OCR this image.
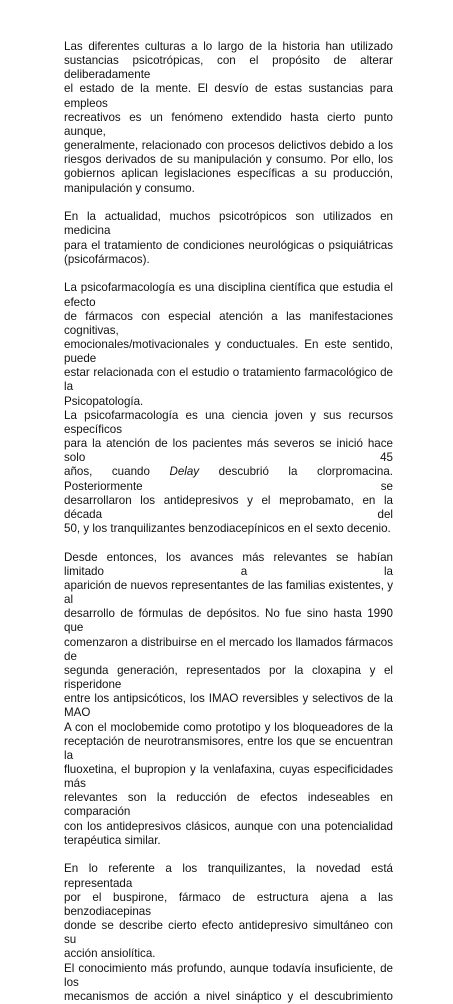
Las diferentes culturas a lo largo de la historia han utilizado
sustancias psicotrópicas, con el propósito de alterar deliberadamente
el estado de la mente. El desvío de estas sustancias para empleos
recreativos es un fenómeno extendido hasta cierto punto aunque,
generalmente, relacionado con procesos delictivos debido a los
riesgos derivados de su manipulación y consumo. Por ello, los
gobiernos aplican legislaciones específicas a su producción,
manipulación y consumo.

En la actualidad, muchos psicotrópicos son utilizados en medicina
para el tratamiento de condiciones neurológicas o psiquiátricas
(psicofármacos).

La psicofarmacología es una disciplina científica que estudia el efecto
de fármacos con especial atención a las manifestaciones cognitivas,
emocionales/motivacionales y conductuales. En este sentido, puede
estar relacionada con el estudio o tratamiento farmacológico de la
Psicopatología.

La psicofarmacología es una ciencia joven y sus recursos específicos
para la atención de los pacientes más severos se inició hace solo 45
años, cuando Delay descubrió la clorpromacina. Posteriormente se
desarrollaron los antidepresivos y el meprobamato, en la década del
50, y los tranquilizantes benzodiacepínicos en el sexto decenio.

Desde entonces, los avances más relevantes se habían limitado a la
aparición de nuevos representantes de las familias existentes, y al
desarrollo de fórmulas de depósitos. No fue sino hasta 1990 que
comenzaron a distribuirse en el mercado los llamados fármacos de
segunda generación, representados por la cloxapina y el risperidone
entre los antipsicóticos, los IMAO reversibles y selectivos de la MAO
A con el moclobemide como prototipo y los bloqueadores de la
receptación de neurotransmisores, entre los que se encuentran la
fluoxetina, el bupropion y la venlafaxina, cuyas especificidades más
relevantes son la reducción de efectos indeseables en comparación
con los antidepresivos clásicos, aunque con una potencialidad
terapéutica similar.

En lo referente a los tranquilizantes, la novedad está representada
por el buspirone, fármaco de estructura ajena a las benzodiacepinas
donde se describe cierto efecto antidepresivo simultáneo con su
acción ansiolítica.

El conocimiento más profundo, aunque todavía insuficiente, de los
mecanismos de acción a nivel sináptico y el descubrimiento
